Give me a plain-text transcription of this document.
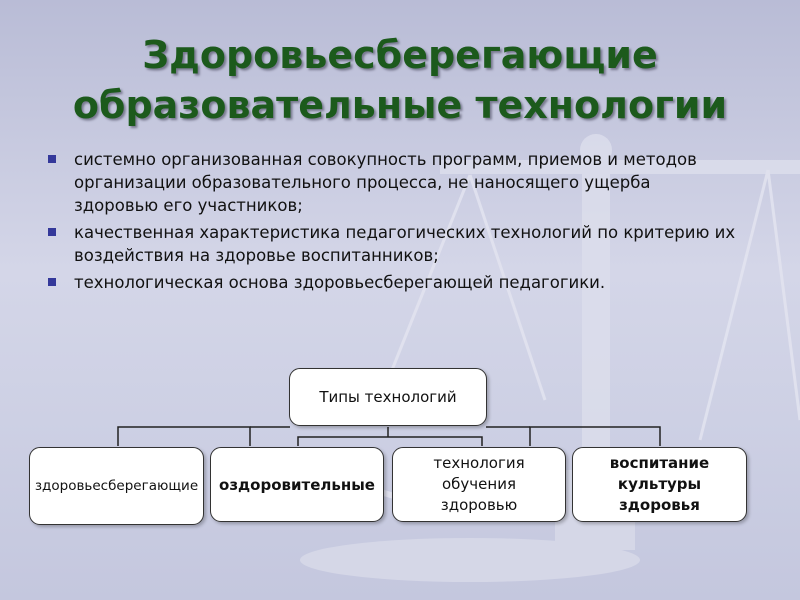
Здоровьесберегающие
образовательные технологии
системно организованная совокупность программ, приемов и методов организации образовательного процесса, не наносящего ущерба здоровью его участников;
качественная характеристика педагогических технологий по критерию их воздействия на здоровье воспитанников;
технологическая основа здоровьесберегающей педагогики.
Типы технологий
здоровьесберегающие оздоровительные
технология обучения здоровью
воспитание культуры здоровья
